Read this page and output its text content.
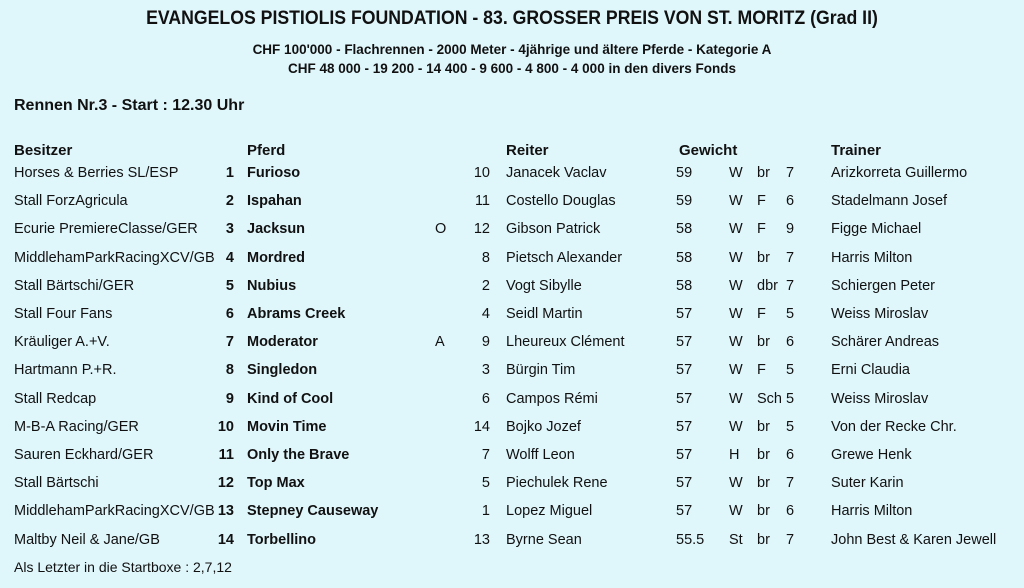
EVANGELOS PISTIOLIS FOUNDATION - 83. GROSSER PREIS VON ST. MORITZ (Grad II)
CHF 100'000 - Flachrennen - 2000 Meter - 4jährige und ältere Pferde - Kategorie A
CHF 48 000 - 19 200 - 14 400 - 9 600 - 4 800 - 4 000 in den divers Fonds
Rennen Nr.3 - Start : 12.30 Uhr
Besitzer	Pferd	Reiter	Gewicht	Trainer
Horses & Berries SL/ESP	1 Furioso	10 Janacek Vaclav	59	W br 7	Arizkorreta Guillermo
Stall ForzAgricula	2 Ispahan	11 Costello Douglas	59	W F 6	Stadelmann Josef
Ecurie PremiereClasse/GER	3 Jacksun	O	12 Gibson Patrick	58	W F 9	Figge Michael
MiddlehamParkRacingXCV/GB 4 Mordred	8 Pietsch Alexander	58	W br 7	Harris Milton
Stall Bärtschi/GER	5 Nubius	2 Vogt Sibylle	58	W dbr 7	Schiergen Peter
Stall Four Fans	6 Abrams Creek	4 Seidl Martin	57	W F 5	Weiss Miroslav
Kräuliger A.+V.	7 Moderator	A	9 Lheureux Clément	57	W br 6	Schärer Andreas
Hartmann P.+R.	8 Singledon	3 Bürgin Tim	57	W F 5	Erni Claudia
Stall Redcap	9 Kind of Cool	6 Campos Rémi	57	W Sch 5	Weiss Miroslav
M-B-A Racing/GER	10 Movin Time	14 Bojko Jozef	57	W br 5	Von der Recke Chr.
Sauren Eckhard/GER	11 Only the Brave	7 Wolff Leon	57	H br 6	Grewe Henk
Stall Bärtschi	12 Top Max	5 Piechulek Rene	57	W br 7	Suter Karin
MiddlehamParkRacingXCV/GB 13 Stepney Causeway	1 Lopez Miguel	57	W br 6	Harris Milton
Maltby Neil & Jane/GB	14 Torbellino	13 Byrne Sean	55.5 St br 7	John Best & Karen Jewell
Als Letzter in die Startboxe : 2,7,12
